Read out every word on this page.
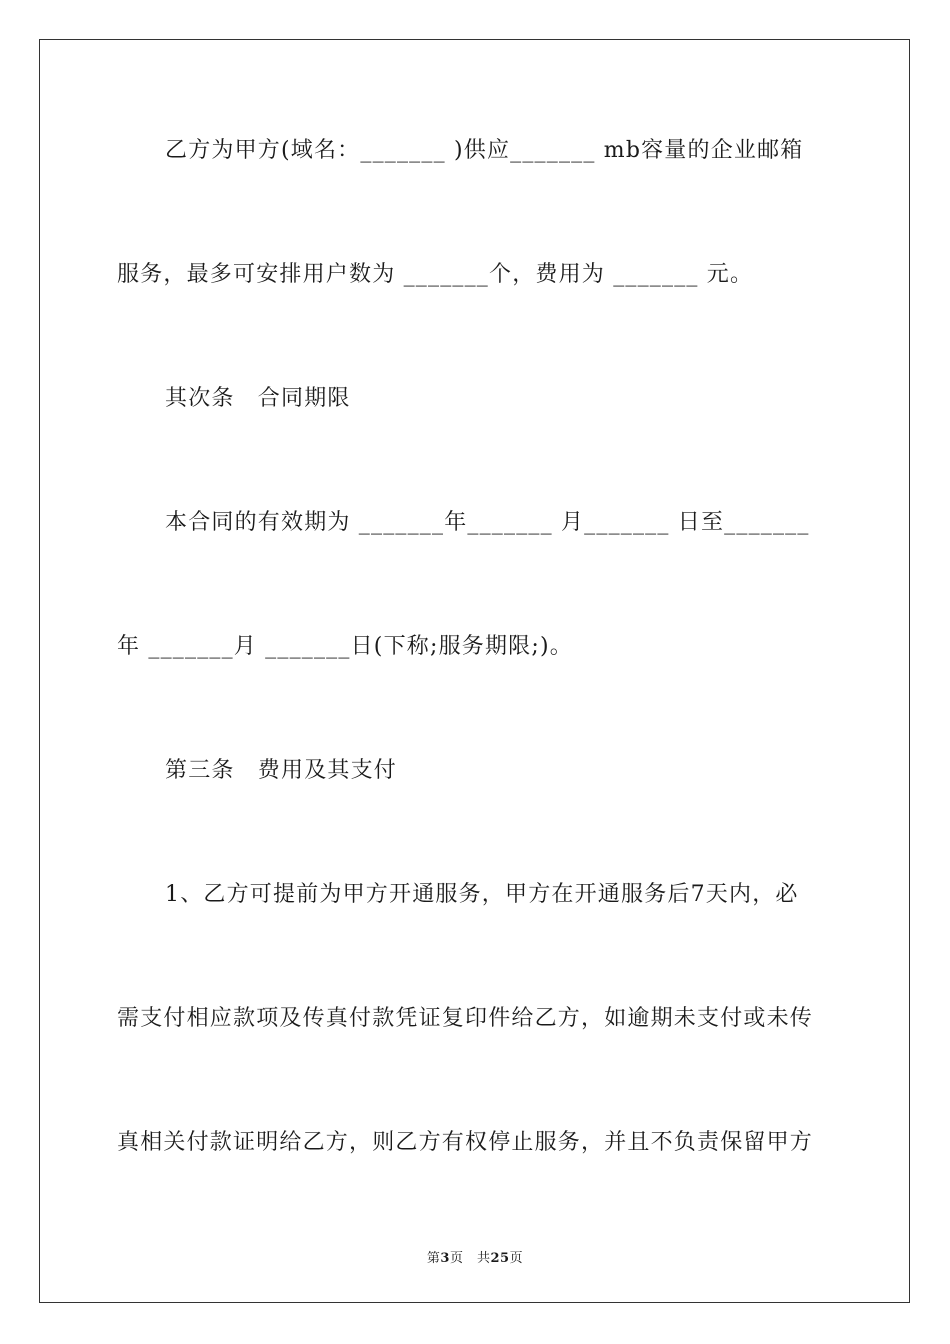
乙方为甲方(域名：_______ )供应_______ mb容量的企业邮箱
服务，最多可安排用户数为 _______个，费用为 _______ 元。
其次条　合同期限
本合同的有效期为 _______年_______ 月_______ 日至_______
年 _______月 _______日(下称;服务期限;)。
第三条　费用及其支付
1、乙方可提前为甲方开通服务，甲方在开通服务后7天内，必
需支付相应款项及传真付款凭证复印件给乙方，如逾期未支付或未传
真相关付款证明给乙方，则乙方有权停止服务，并且不负责保留甲方
第3页　共25页
